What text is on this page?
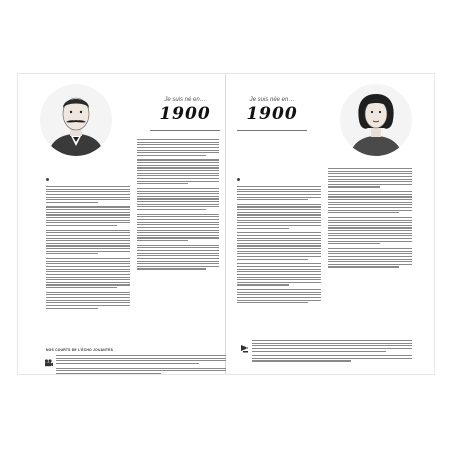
Je suis né en…
1900
NOS COURTS DE L'ÉCHO JOUANTES
Je suis née en…
1900
